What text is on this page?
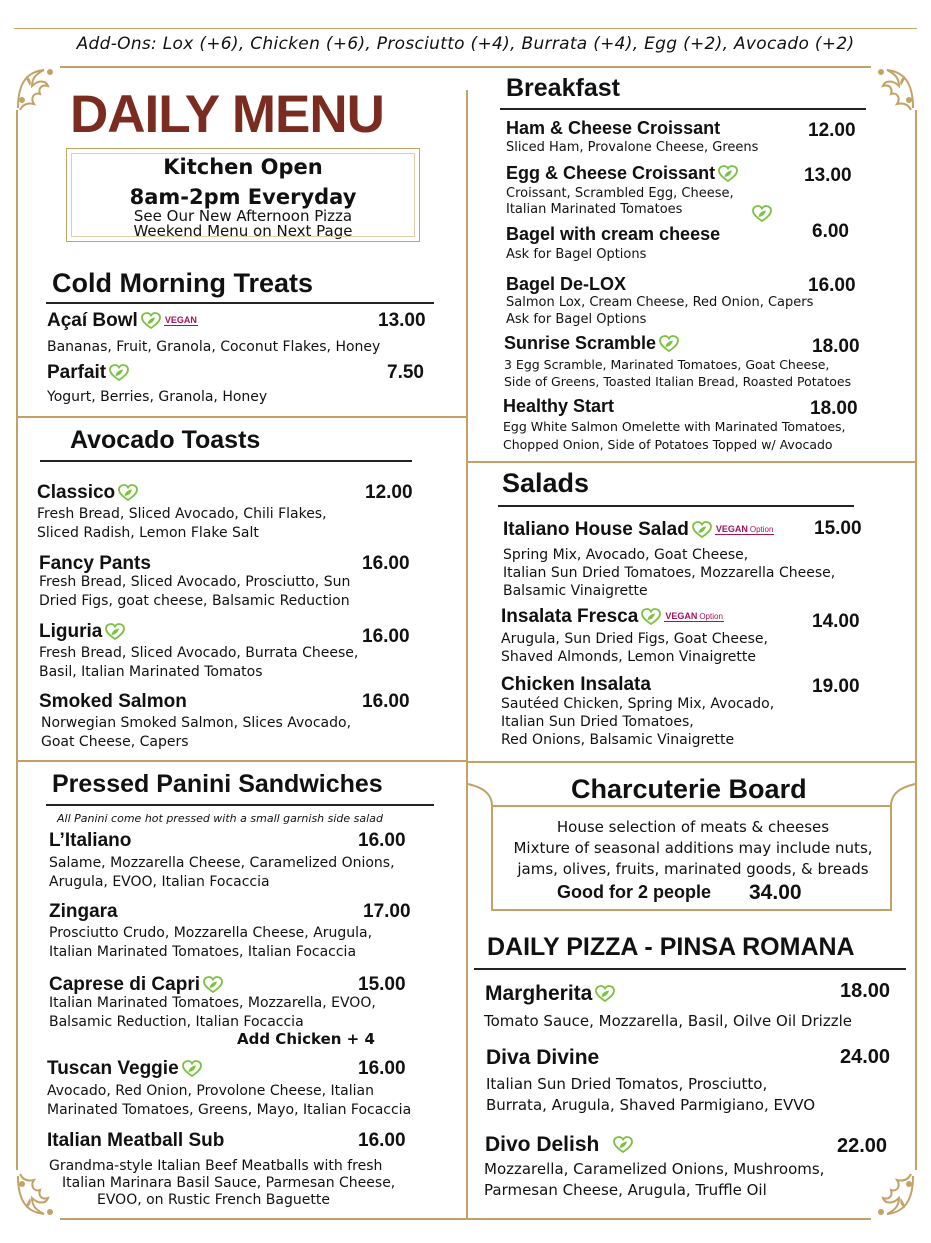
Add-Ons: Lox (+6), Chicken (+6), Prosciutto (+4), Burrata (+4), Egg (+2), Avocado (+2)
DAILY MENU
Kitchen Open
8am-2pm Everyday
See Our New Afternoon Pizza
Weekend Menu on Next Page
Cold Morning Treats
Açaí Bowl	VEGAN	13.00
Bananas, Fruit, Granola, Coconut Flakes, Honey
Parfait	7.50
Yogurt, Berries, Granola, Honey
Avocado Toasts
Classico	12.00
Fresh Bread, Sliced Avocado, Chili Flakes,
Sliced Radish, Lemon Flake Salt
Fancy Pants	16.00
Fresh Bread, Sliced Avocado, Prosciutto, Sun
Dried Figs, goat cheese, Balsamic Reduction
Liguria	16.00
Fresh Bread, Sliced Avocado, Burrata Cheese,
Basil, Italian Marinated Tomatos
Smoked Salmon	16.00
Norwegian Smoked Salmon, Slices Avocado,
Goat Cheese, Capers
Pressed Panini Sandwiches
All Panini come hot pressed with a small garnish side salad
L’Italiano	16.00
Salame, Mozzarella Cheese, Caramelized Onions,
Arugula, EVOO, Italian Focaccia
Zingara	17.00
Prosciutto Crudo, Mozzarella Cheese, Arugula,
Italian Marinated Tomatoes, Italian Focaccia
Caprese di Capri	15.00
Italian Marinated Tomatoes, Mozzarella, EVOO,
Balsamic Reduction, Italian Focaccia
Add Chicken + 4
Tuscan Veggie	16.00
Avocado, Red Onion, Provolone Cheese, Italian
Marinated Tomatoes, Greens, Mayo, Italian Focaccia
Italian Meatball Sub	16.00
Grandma-style Italian Beef Meatballs with fresh
Italian Marinara Basil Sauce, Parmesan Cheese,
EVOO, on Rustic French Baguette
Breakfast
Ham & Cheese Croissant	12.00
Sliced Ham, Provalone Cheese, Greens
Egg & Cheese Croissant	13.00
Croissant, Scrambled Egg, Cheese,
Italian Marinated Tomatoes
Bagel with cream cheese	6.00
Ask for Bagel Options
Bagel De-LOX	16.00
Salmon Lox, Cream Cheese, Red Onion, Capers
Ask for Bagel Options
Sunrise Scramble	18.00
3 Egg Scramble, Marinated Tomatoes, Goat Cheese,
Side of Greens, Toasted Italian Bread, Roasted Potatoes
Healthy Start	18.00
Egg White Salmon Omelette with Marinated Tomatoes,
Chopped Onion, Side of Potatoes Topped w/ Avocado
Salads
Italiano House Salad	VEGAN Option 15.00
Spring Mix, Avocado, Goat Cheese,
Italian Sun Dried Tomatoes, Mozzarella Cheese,
Balsamic Vinaigrette
Insalata Fresca	VEGAN Option	14.00
Arugula, Sun Dried Figs, Goat Cheese,
Shaved Almonds, Lemon Vinaigrette
Chicken Insalata	19.00
Sautéed Chicken, Spring Mix, Avocado,
Italian Sun Dried Tomatoes,
Red Onions, Balsamic Vinaigrette
Charcuterie Board
House selection of meats & cheeses
Mixture of seasonal additions may include nuts,
jams, olives, fruits, marinated goods, & breads
Good for 2 people 34.00
DAILY PIZZA - PINSA ROMANA
Margherita	18.00
Tomato Sauce, Mozzarella, Basil, Oilve Oil Drizzle
Diva Divine	24.00
Italian Sun Dried Tomatos, Prosciutto,
Burrata, Arugula, Shaved Parmigiano, EVVO
Divo Delish	22.00
Mozzarella, Caramelized Onions, Mushrooms,
Parmesan Cheese, Arugula, Truffle Oil
